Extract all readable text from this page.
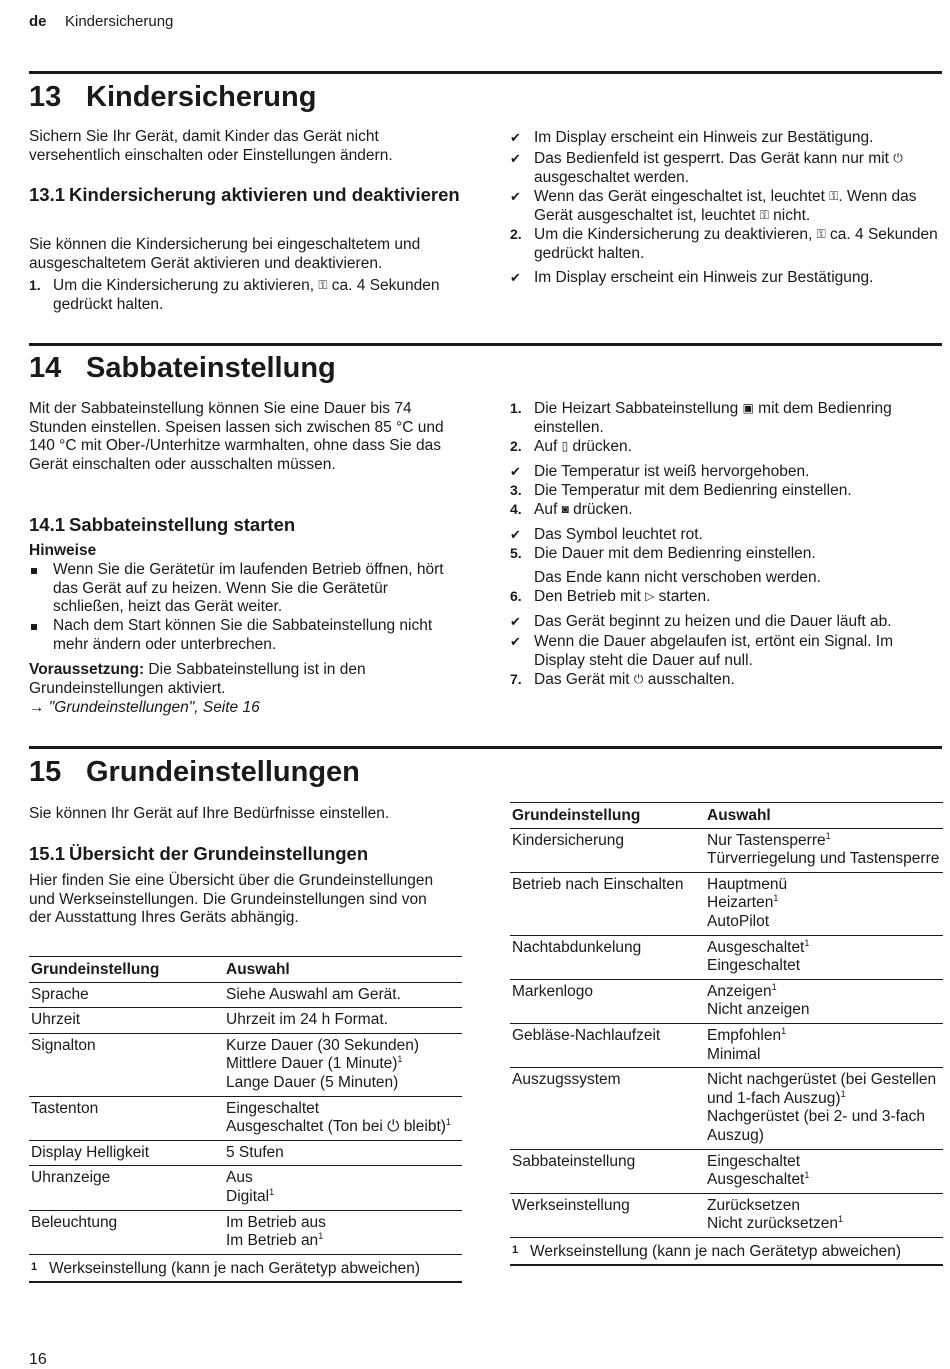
de Kindersicherung
13 Kindersicherung

Sichern Sie Ihr Gerät, damit Kinder das Gerät nicht versehentlich einschalten oder Einstellungen ändern.

13.1 Kindersicherung aktivieren und deaktivieren

Sie können die Kindersicherung bei eingeschaltetem und ausgeschaltetem Gerät aktivieren und deaktivieren.

1. Um die Kindersicherung zu aktivieren, ⚿ ca. 4 Sekunden gedrückt halten.
✔ Im Display erscheint ein Hinweis zur Bestätigung.
✔ Das Bedienfeld ist gesperrt. Das Gerät kann nur mit ⏻ ausgeschaltet werden.
✔ Wenn das Gerät eingeschaltet ist, leuchtet ⚿. Wenn das Gerät ausgeschaltet ist, leuchtet ⚿ nicht.
2. Um die Kindersicherung zu deaktivieren, ⚿ ca. 4 Sekunden gedrückt halten.
✔ Im Display erscheint ein Hinweis zur Bestätigung.
14 Sabbateinstellung

Mit der Sabbateinstellung können Sie eine Dauer bis 74 Stunden einstellen. Speisen lassen sich zwischen 85 °C und 140 °C mit Ober-/Unterhitze warmhalten, ohne dass Sie das Gerät einschalten oder ausschalten müssen.

14.1 Sabbateinstellung starten
Hinweise
Wenn Sie die Gerätetür im laufenden Betrieb öffnen, hört das Gerät auf zu heizen. Wenn Sie die Gerätetür schließen, heizt das Gerät weiter.
Nach dem Start können Sie die Sabbateinstellung nicht mehr ändern oder unterbrechen.

Voraussetzung: Die Sabbateinstellung ist in den Grundeinstellungen aktiviert.

→ "Grundeinstellungen", Seite 16
1. Die Heizart Sabbateinstellung ▣ mit dem Bedienring einstellen.
2. Auf ▯ drücken.
✔ Die Temperatur ist weiß hervorgehoben.
3. Die Temperatur mit dem Bedienring einstellen.
4. Auf ◙ drücken.
✔ Das Symbol leuchtet rot.
5. Die Dauer mit dem Bedienring einstellen.
Das Ende kann nicht verschoben werden.
6. Den Betrieb mit ▷ starten.
✔ Das Gerät beginnt zu heizen und die Dauer läuft ab.
✔ Wenn die Dauer abgelaufen ist, ertönt ein Signal. Im Display steht die Dauer auf null.
7. Das Gerät mit ⏻ ausschalten.
15 Grundeinstellungen

Sie können Ihr Gerät auf Ihre Bedürfnisse einstellen.

15.1 Übersicht der Grundeinstellungen

Hier finden Sie eine Übersicht über die Grundeinstellungen und Werkseinstellungen. Die Grundeinstellungen sind von der Ausstattung Ihres Geräts abhängig.

Grundeinstellung	Auswahl
Sprache	Siehe Auswahl am Gerät.

Uhrzeit	Uhrzeit im 24 h Format.

Signalton	Kurze Dauer (30 Sekunden)
Mittlere Dauer (1 Minute)$^1$
Lange Dauer (5 Minuten)

Tastenton	Eingeschaltet
Ausgeschaltet (Ton bei ⏻ bleibt)$^1$

Display Helligkeit	5 Stufen

Uhranzeige	Aus
Digital$^1$

Beleuchtung	Im Betrieb aus
Im Betrieb $an^1$

1 Werkseinstellung (kann je nach Gerätetyp abweichen)	
Grundeinstellung	Auswahl
Kindersicherung	Nur Tastensperre$^1$
Türverriegelung und Tastensperre

Betrieb nach Einschalten	Hauptmenü
Heizarten$^1$
AutoPilot

Nachtabdunkelung	Ausgeschaltet$^1$
Eingeschaltet

Markenlogo	Anzeigen$^1$
Nicht anzeigen

Gebläse-Nachlaufzeit	Empfohlen$^1$
Minimal

Auszugssystem	Nicht nachgerüstet (bei Gestellen und 1-fach Auszug)$^1$
Nachgerüstet (bei 2- und 3-fach Auszug)

Sabbateinstellung	Eingeschaltet
Ausgeschaltet$^1$

Werkseinstellung	Zurücksetzen
Nicht zurücksetzen$^1$

1 Werkseinstellung (kann je nach Gerätetyp abweichen)	
16
